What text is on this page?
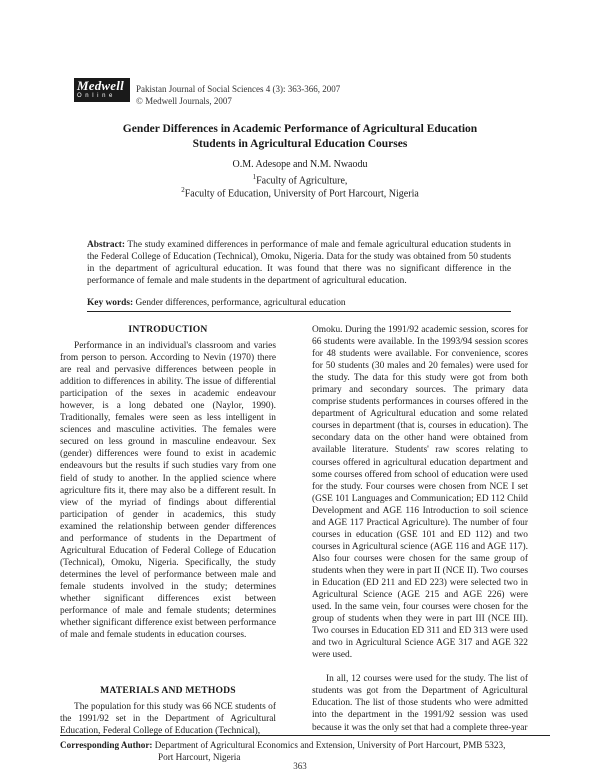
Medwell
Online
Pakistan Journal of Social Sciences 4 (3): 363-366, 2007
© Medwell Journals, 2007
Gender Differences in Academic Performance of Agricultural Education
Students in Agricultural Education Courses
O.M. Adesope and N.M. Nwaodu
$^1$Faculty of Agriculture,
$^2$Faculty of Education, University of Port Harcourt, Nigeria
Abstract: The study examined differences in performance of male and female agricultural education students in the Federal College of Education (Technical), Omoku, Nigeria. Data for the study was obtained from 50 students in the department of agricultural education. It was found that there was no significant difference in the performance of female and male students in the department of agricultural education.
Key words: Gender differences, performance, agricultural education
INTRODUCTION

Performance in an individual's classroom and varies from person to person. According to Nevin (1970) there are real and pervasive differences between people in addition to differences in ability. The issue of differential participation of the sexes in academic endeavour however, is a long debated one (Naylor, 1990). Traditionally, females were seen as less intelligent in sciences and masculine activities. The females were secured on less ground in masculine endeavour. Sex (gender) differences were found to exist in academic endeavours but the results if such studies vary from one field of study to another. In the applied science where agriculture fits it, there may also be a different result. In view of the myriad of findings about differential participation of gender in academics, this study examined the relationship between gender differences and performance of students in the Department of Agricultural Education of Federal College of Education (Technical), Omoku, Nigeria. Specifically, the study determines the level of performance between male and female students involved in the study; determines whether significant differences exist between performance of male and female students; determines whether significant difference exist between performance of male and female students in education courses.

MATERIALS AND METHODS

The population for this study was 66 NCE students of the 1991/92 set in the Department of Agricultural Education, Federal College of Education (Technical),

Omoku. During the 1991/92 academic session, scores for 66 students were available. In the 1993/94 session scores for 48 students were available. For convenience, scores for 50 students (30 males and 20 females) were used for the study. The data for this study were got from both primary and secondary sources. The primary data comprise students performances in courses offered in the department of Agricultural education and some related courses in department (that is, courses in education). The secondary data on the other hand were obtained from available literature. Students' raw scores relating to courses offered in agricultural education department and some courses offered from school of education were used for the study. Four courses were chosen from NCE I set (GSE 101 Languages and Communication; ED 112 Child Development and AGE 116 Introduction to soil science and AGE 117 Practical Agriculture). The number of four courses in education (GSE 101 and ED 112) and two courses in Agricultural science (AGE 116 and AGE 117). Also four courses were chosen for the same group of students when they were in part II (NCE II). Two courses in Education (ED 211 and ED 223) were selected two in Agricultural Science (AGE 215 and AGE 226) were used. In the same vein, four courses were chosen for the group of students when they were in part III (NCE III). Two courses in Education ED 311 and ED 313 were used and two in Agricultural Science AGE 317 and AGE 322 were used.

In all, 12 courses were used for the study. The list of students was got from the Department of Agricultural Education. The list of those students who were admitted into the department in the 1991/92 session was used because it was the only set that had a complete three-year

Corresponding Author: Department of Agricultural Economics and Extension, University of Port Harcourt, PMB 5323,
Port Harcourt, Nigeria
363
